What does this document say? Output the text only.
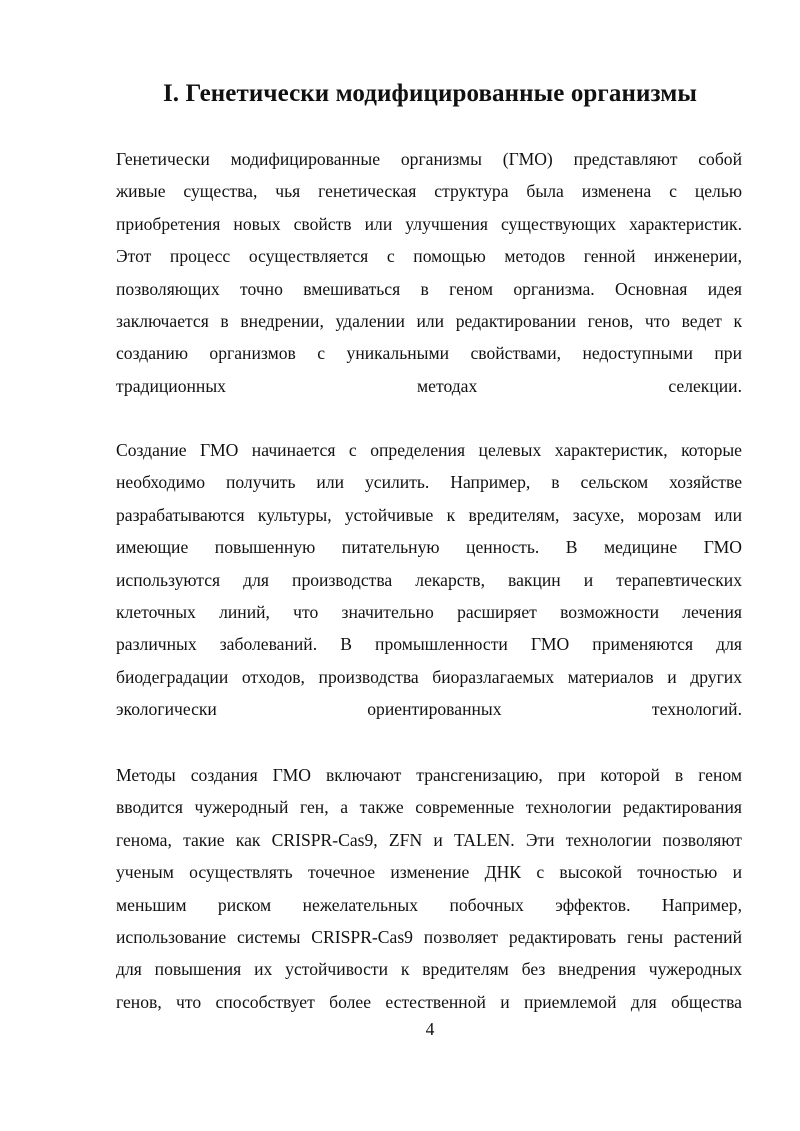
I. Генетически модифицированные организмы
Генетически модифицированные организмы (ГМО) представляют собой
живые существа, чья генетическая структура была изменена с целью
приобретения новых свойств или улучшения существующих характеристик.
Этот процесс осуществляется с помощью методов генной инженерии,
позволяющих точно вмешиваться в геном организма. Основная идея
заключается в внедрении, удалении или редактировании генов, что ведет к
созданию организмов с уникальными свойствами, недоступными при
традиционных методах селекции.
Создание ГМО начинается с определения целевых характеристик, которые
необходимо получить или усилить. Например, в сельском хозяйстве
разрабатываются культуры, устойчивые к вредителям, засухе, морозам или
имеющие повышенную питательную ценность. В медицине ГМО
используются для производства лекарств, вакцин и терапевтических
клеточных линий, что значительно расширяет возможности лечения
различных заболеваний. В промышленности ГМО применяются для
биодеградации отходов, производства биоразлагаемых материалов и других
экологически ориентированных технологий.
Методы создания ГМО включают трансгенизацию, при которой в геном
вводится чужеродный ген, а также современные технологии редактирования
генома, такие как CRISPR-Cas9, ZFN и TALEN. Эти технологии позволяют
ученым осуществлять точечное изменение ДНК с высокой точностью и
меньшим риском нежелательных побочных эффектов. Например,
использование системы CRISPR-Cas9 позволяет редактировать гены растений
для повышения их устойчивости к вредителям без внедрения чужеродных
генов, что способствует более естественной и приемлемой для общества
4
